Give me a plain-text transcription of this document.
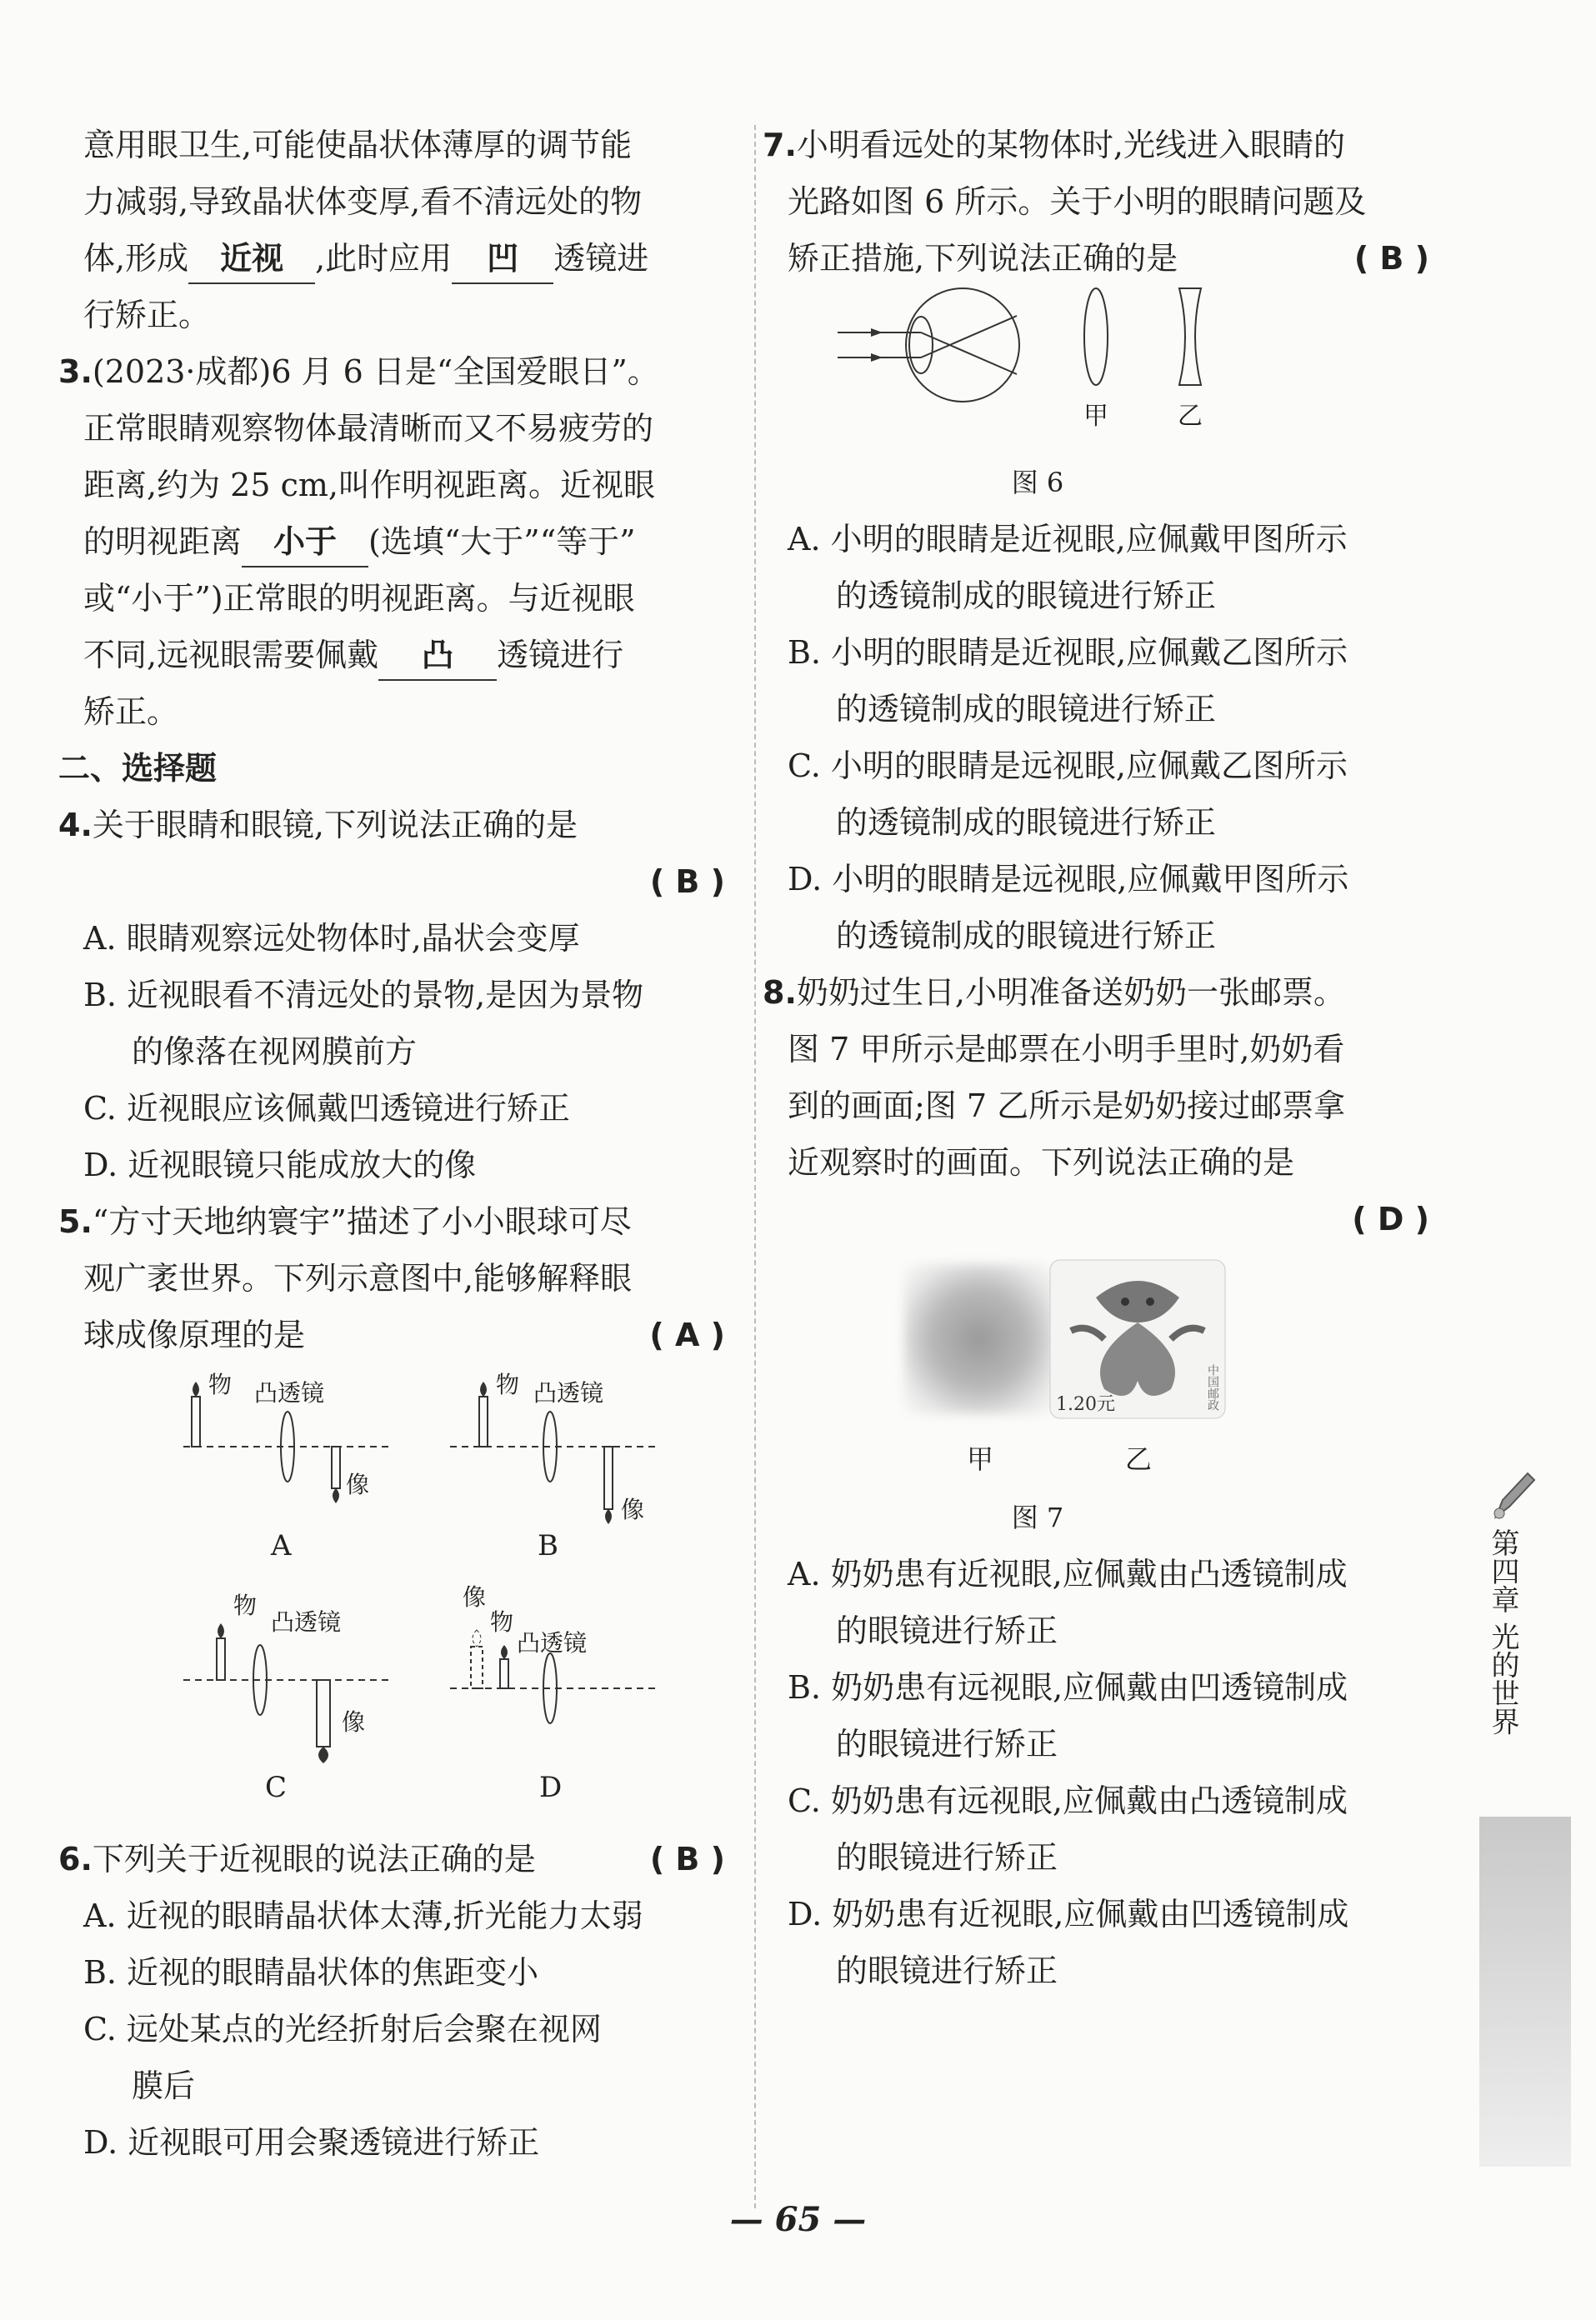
意用眼卫生,可能使晶状体薄厚的调节能
力减弱,导致晶状体变厚,看不清远处的物
体,形成 近视 ,此时应用 凹 透镜进
行矫正。
3.(2023·成都)6 月 6 日是“全国爱眼日”。
正常眼睛观察物体最清晰而又不易疲劳的
距离,约为 25 cm,叫作明视距离。近视眼
的明视距离 小于 (选填“大于”“等于”
或“小于”)正常眼的明视距离。与近视眼
不同,远视眼需要佩戴 凸 透镜进行
矫正。
二、选择题
4.关于眼睛和眼镜,下列说法正确的是
( B )
A. 眼睛观察远处物体时,晶状会变厚
B. 近视眼看不清远处的景物,是因为景物
的像落在视网膜前方
C. 近视眼应该佩戴凹透镜进行矫正
D. 近视眼镜只能成放大的像
5.“方寸天地纳寰宇”描述了小小眼球可尽
观广袤世界。下列示意图中,能够解释眼
球成像原理的是	( A )
物 凸透镜
像
A
物 凸透镜
像
B
物
凸透镜
像
C
像
物
凸透镜
D
6.下列关于近视眼的说法正确的是	( B )
A. 近视的眼睛晶状体太薄,折光能力太弱
B. 近视的眼睛晶状体的焦距变小
C. 远处某点的光经折射后会聚在视网
膜后
D. 近视眼可用会聚透镜进行矫正
7.小明看远处的某物体时,光线进入眼睛的
光路如图 6 所示。关于小明的眼睛问题及
矫正措施,下列说法正确的是	( B )
甲	乙
图 6
A. 小明的眼睛是近视眼,应佩戴甲图所示
的透镜制成的眼镜进行矫正
B. 小明的眼睛是近视眼,应佩戴乙图所示
的透镜制成的眼镜进行矫正
C. 小明的眼睛是远视眼,应佩戴乙图所示
的透镜制成的眼镜进行矫正
D. 小明的眼睛是远视眼,应佩戴甲图所示
的透镜制成的眼镜进行矫正
8.奶奶过生日,小明准备送奶奶一张邮票。
图 7 甲所示是邮票在小明手里时,奶奶看
到的画面;图 7 乙所示是奶奶接过邮票拿
近观察时的画面。下列说法正确的是
( D )
1.20元	中国邮政
甲	乙
图 7
A. 奶奶患有近视眼,应佩戴由凸透镜制成
的眼镜进行矫正
B. 奶奶患有远视眼,应佩戴由凹透镜制成
的眼镜进行矫正
C. 奶奶患有远视眼,应佩戴由凸透镜制成
的眼镜进行矫正
D. 奶奶患有近视眼,应佩戴由凹透镜制成
的眼镜进行矫正
第四章 光的世界
— 65 —
